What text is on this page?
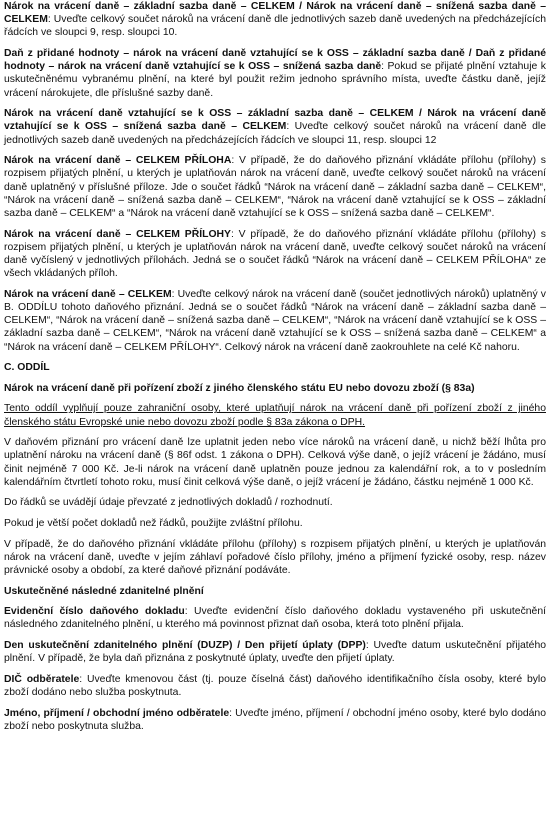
Nárok na vrácení daně – základní sazba daně – CELKEM / Nárok na vrácení daně – snížená sazba daně – CELKEM: Uveďte celkový součet nároků na vrácení daně dle jednotlivých sazeb daně uvedených na předcházejících řádcích ve sloupci 9, resp. sloupci 10.

Daň z přidané hodnoty – nárok na vrácení daně vztahující se k OSS – základní sazba daně / Daň z přidané hodnoty – nárok na vrácení daně vztahující se k OSS – snížená sazba daně: Pokud se přijaté plnění vztahuje k uskutečněnému vybranému plnění, na které byl použit režim jednoho správního místa, uveďte částku daně, jejíž vrácení nárokujete, dle příslušné sazby daně.

Nárok na vrácení daně vztahující se k OSS – základní sazba daně – CELKEM / Nárok na vrácení daně vztahující se k OSS – snížená sazba daně – CELKEM: Uveďte celkový součet nároků na vrácení daně dle jednotlivých sazeb daně uvedených na předcházejících řádcích ve sloupci 11, resp. sloupci 12

Nárok na vrácení daně – CELKEM PŘÍLOHA: V případě, že do daňového přiznání vkládáte přílohu (přílohy) s rozpisem přijatých plnění, u kterých je uplatňován nárok na vrácení daně, uveďte celkový součet nároků na vrácení daně uplatněný v příslušné příloze. Jde o součet řádků “Nárok na vrácení daně – základní sazba daně – CELKEM“, “Nárok na vrácení daně – snížená sazba daně – CELKEM“, “Nárok na vrácení daně vztahující se k OSS – základní sazba daně – CELKEM“ a “Nárok na vrácení daně vztahující se k OSS – snížená sazba daně – CELKEM“.

Nárok na vrácení daně – CELKEM PŘÍLOHY: V případě, že do daňového přiznání vkládáte přílohu (přílohy) s rozpisem přijatých plnění, u kterých je uplatňován nárok na vrácení daně, uveďte celkový součet nároků na vrácení daně vyčíslený v jednotlivých přílohách. Jedná se o součet řádků “Nárok na vrácení daně – CELKEM PŘÍLOHA“ ze všech vkládaných příloh.

Nárok na vrácení daně – CELKEM: Uveďte celkový nárok na vrácení daně (součet jednotlivých nároků) uplatněný v B. ODDÍLU tohoto daňového přiznání. Jedná se o součet řádků “Nárok na vrácení daně – základní sazba daně – CELKEM“, “Nárok na vrácení daně – snížená sazba daně – CELKEM“, “Nárok na vrácení daně vztahující se k OSS – základní sazba daně – CELKEM“, “Nárok na vrácení daně vztahující se k OSS – snížená sazba daně – CELKEM“ a “Nárok na vrácení daně – CELKEM PŘÍLOHY“. Celkový nárok na vrácení daně zaokrouhlete na celé Kč nahoru.

C. ODDÍL
Nárok na vrácení daně při pořízení zboží z jiného členského státu EU nebo dovozu zboží (§ 83a)

Tento oddíl vyplňují pouze zahraniční osoby, které uplatňují nárok na vrácení daně při pořízení zboží z jiného členského státu Evropské unie nebo dovozu zboží podle § 83a zákona o DPH.

V daňovém přiznání pro vrácení daně lze uplatnit jeden nebo více nároků na vrácení daně, u nichž běží lhůta pro uplatnění nároku na vrácení daně (§ 86f odst. 1 zákona o DPH). Celková výše daně, o jejíž vrácení je žádáno, musí činit nejméně 7 000 Kč. Je-li nárok na vrácení daně uplatněn pouze jednou za kalendářní rok, a to v posledním kalendářním čtvrtletí tohoto roku, musí činit celková výše daně, o jejíž vrácení je žádáno, částku nejméně 1 000 Kč.

Do řádků se uvádějí údaje převzaté z jednotlivých dokladů / rozhodnutí.

Pokud je větší počet dokladů než řádků, použijte zvláštní přílohu.

V případě, že do daňového přiznání vkládáte přílohu (přílohy) s rozpisem přijatých plnění, u kterých je uplatňován nárok na vrácení daně, uveďte v jejím záhlaví pořadové číslo přílohy, jméno a příjmení fyzické osoby, resp. název právnické osoby a období, za které daňové přiznání podáváte.

Uskutečněné následné zdanitelné plnění

Evidenční číslo daňového dokladu: Uveďte evidenční číslo daňového dokladu vystaveného při uskutečnění následného zdanitelného plnění, u kterého má povinnost přiznat daň osoba, která toto plnění přijala.

Den uskutečnění zdanitelného plnění (DUZP) / Den přijetí úplaty (DPP): Uveďte datum uskutečnění přijatého plnění. V případě, že byla daň přiznána z poskytnuté úplaty, uveďte den přijetí úplaty.

DIČ odběratele: Uveďte kmenovou část (tj. pouze číselná část) daňového identifikačního čísla osoby, které bylo zboží dodáno nebo služba poskytnuta.

Jméno, příjmení / obchodní jméno odběratele: Uveďte jméno, příjmení / obchodní jméno osoby, které bylo dodáno zboží nebo poskytnuta služba.
